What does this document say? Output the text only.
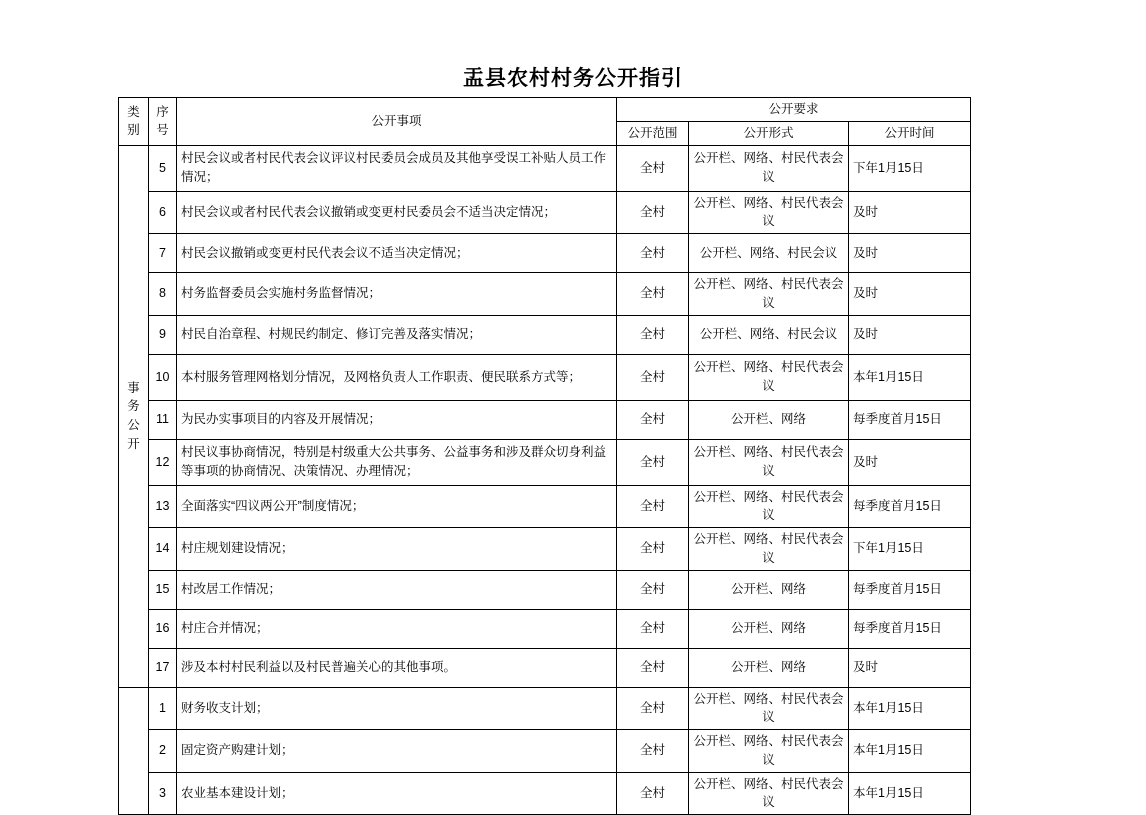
盂县农村村务公开指引
类别	序号	公开事项	公开要求		
			公开范围	公开形式	公开时间
事务公开	5	村民会议或者村民代表会议评议村民委员会成员及其他享受误工补贴人员工作情况；	全村	公开栏、网络、村民代表会议	下年1月15日
	6	村民会议或者村民代表会议撤销或变更村民委员会不适当决定情况；	全村	公开栏、网络、村民代表会议	及时
	7	村民会议撤销或变更村民代表会议不适当决定情况；	全村	公开栏、网络、村民会议	及时
	8	村务监督委员会实施村务监督情况；	全村	公开栏、网络、村民代表会议	及时
	9	村民自治章程、村规民约制定、修订完善及落实情况；	全村	公开栏、网络、村民会议	及时
	10	本村服务管理网格划分情况，及网格负责人工作职责、便民联系方式等；	全村	公开栏、网络、村民代表会议	本年1月15日
	11	为民办实事项目的内容及开展情况；	全村	公开栏、网络	每季度首月15日
	12	村民议事协商情况，特别是村级重大公共事务、公益事务和涉及群众切身利益等事项的协商情况、决策情况、办理情况；	全村	公开栏、网络、村民代表会议	及时
	13	全面落实“四议两公开”制度情况；	全村	公开栏、网络、村民代表会议	每季度首月15日
	14	村庄规划建设情况；	全村	公开栏、网络、村民代表会议	下年1月15日
	15	村改居工作情况；	全村	公开栏、网络	每季度首月15日
	16	村庄合并情况；	全村	公开栏、网络	每季度首月15日
	17	涉及本村村民利益以及村民普遍关心的其他事项。	全村	公开栏、网络	及时
	1	财务收支计划；	全村	公开栏、网络、村民代表会议	本年1月15日
	2	固定资产购建计划；	全村	公开栏、网络、村民代表会议	本年1月15日
	3	农业基本建设计划；	全村	公开栏、网络、村民代表会议	本年1月15日
